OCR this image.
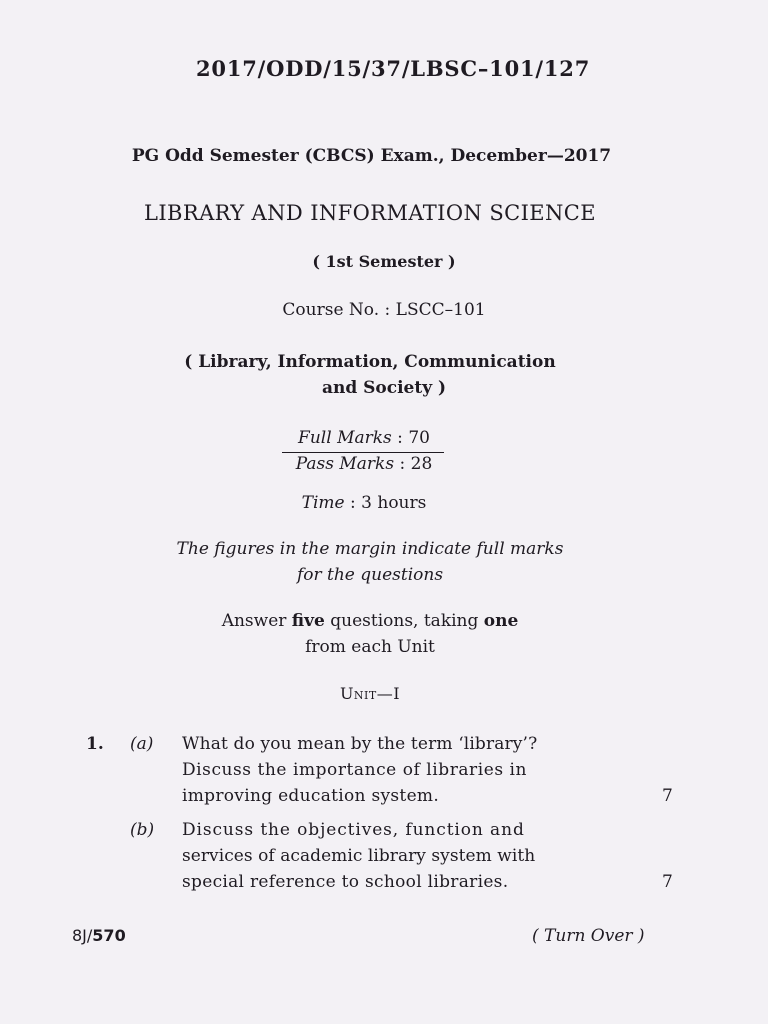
2017/ODD/15/37/LBSC–101/127
PG Odd Semester (CBCS) Exam., December—2017
LIBRARY AND INFORMATION SCIENCE
( 1st Semester )
Course No. : LSCC–101
( Library, Information, Communication
and Society )
Full Marks : 70
Pass Marks : 28
Time : 3 hours
The figures in the margin indicate full marks
for the questions
Answer five questions, taking one
from each Unit
Unit—I
1. (a) What do you mean by the term ‘library’?
Discuss the importance of libraries in
improving education system.	7
(b) Discuss the objectives, function and
services of academic library system with
special reference to school libraries.	7
8J/570	( Turn Over )
